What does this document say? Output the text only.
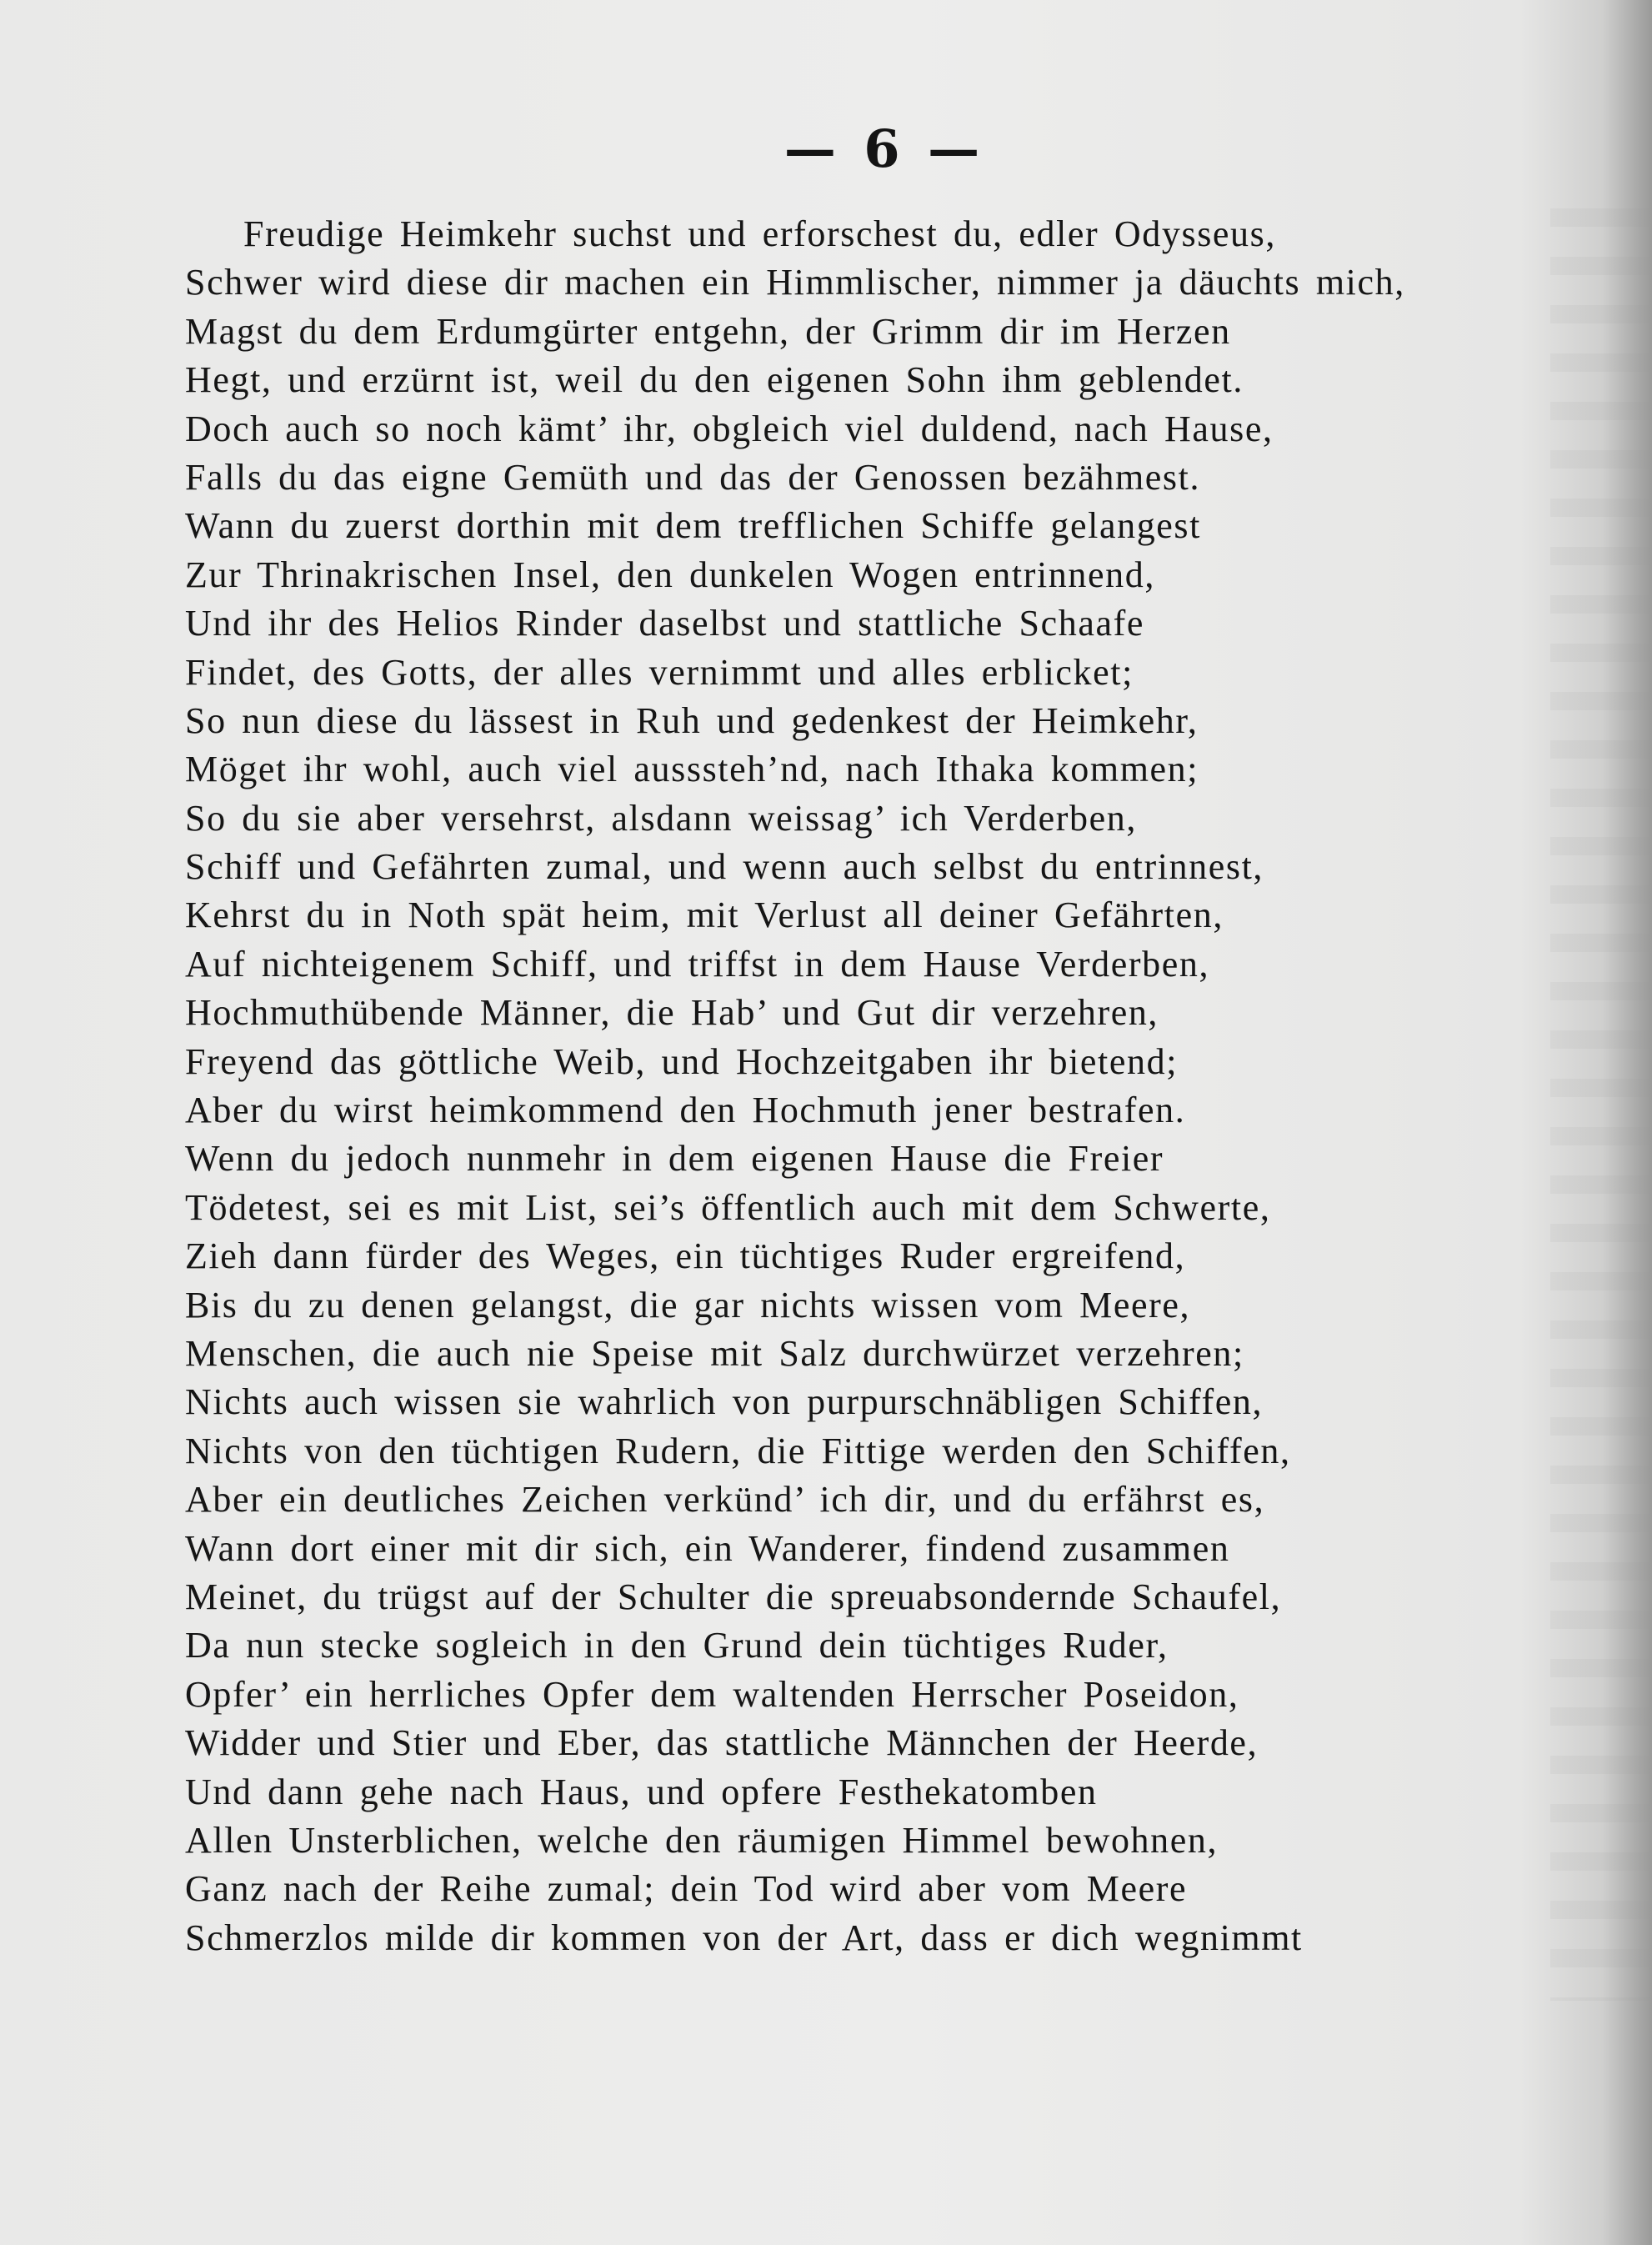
— 6 —
Freudige Heimkehr suchst und erforschest du, edler Odysseus,
Schwer wird diese dir machen ein Himmlischer, nimmer ja däuchts mich,
Magst du dem Erdumgürter entgehn, der Grimm dir im Herzen
Hegt, und erzürnt ist, weil du den eigenen Sohn ihm geblendet.
Doch auch so noch kämt’ ihr, obgleich viel duldend, nach Hause,
Falls du das eigne Gemüth und das der Genossen bezähmest.
Wann du zuerst dorthin mit dem trefflichen Schiffe gelangest
Zur Thrinakrischen Insel, den dunkelen Wogen entrinnend,
Und ihr des Helios Rinder daselbst und stattliche Schaafe
Findet, des Gotts, der alles vernimmt und alles erblicket;
So nun diese du lässest in Ruh und gedenkest der Heimkehr,
Möget ihr wohl, auch viel ausssteh’nd, nach Ithaka kommen;
So du sie aber versehrst, alsdann weissag’ ich Verderben,
Schiff und Gefährten zumal, und wenn auch selbst du entrinnest,
Kehrst du in Noth spät heim, mit Verlust all deiner Gefährten,
Auf nichteigenem Schiff, und triffst in dem Hause Verderben,
Hochmuthübende Männer, die Hab’ und Gut dir verzehren,
Freyend das göttliche Weib, und Hochzeitgaben ihr bietend;
Aber du wirst heimkommend den Hochmuth jener bestrafen.
Wenn du jedoch nunmehr in dem eigenen Hause die Freier
Tödetest, sei es mit List, sei’s öffentlich auch mit dem Schwerte,
Zieh dann fürder des Weges, ein tüchtiges Ruder ergreifend,
Bis du zu denen gelangst, die gar nichts wissen vom Meere,
Menschen, die auch nie Speise mit Salz durchwürzet verzehren;
Nichts auch wissen sie wahrlich von purpurschnäbligen Schiffen,
Nichts von den tüchtigen Rudern, die Fittige werden den Schiffen,
Aber ein deutliches Zeichen verkünd’ ich dir, und du erfährst es,
Wann dort einer mit dir sich, ein Wanderer, findend zusammen
Meinet, du trügst auf der Schulter die spreuabsondernde Schaufel,
Da nun stecke sogleich in den Grund dein tüchtiges Ruder,
Opfer’ ein herrliches Opfer dem waltenden Herrscher Poseidon,
Widder und Stier und Eber, das stattliche Männchen der Heerde,
Und dann gehe nach Haus, und opfere Festhekatomben
Allen Unsterblichen, welche den räumigen Himmel bewohnen,
Ganz nach der Reihe zumal; dein Tod wird aber vom Meere
Schmerzlos milde dir kommen von der Art, dass er dich wegnimmt
